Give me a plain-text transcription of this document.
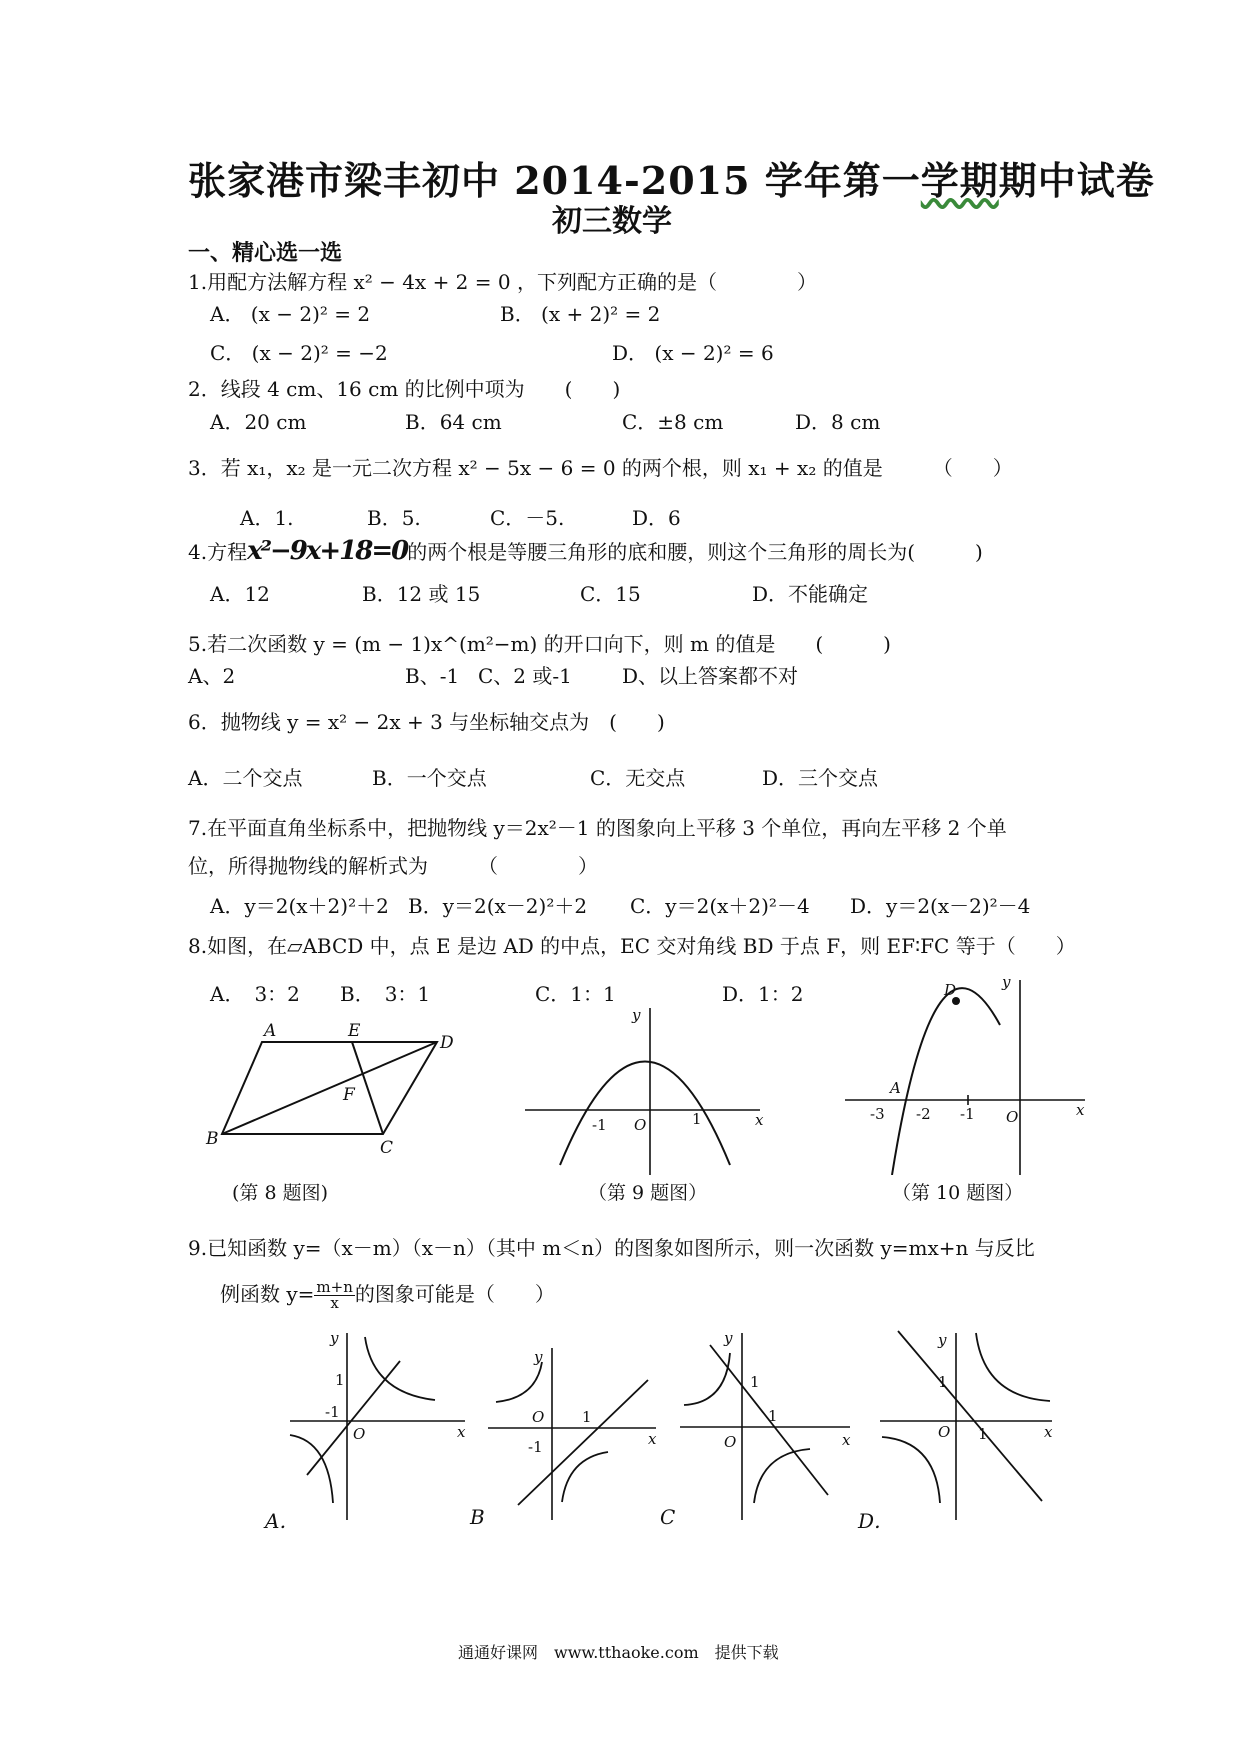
张家港市梁丰初中 2014-2015 学年第一学期期中试卷
初三数学
一、精心选一选
1.用配方法解方程 x² − 4x + 2 = 0 ，下列配方正确的是（　　　　）
A． (x − 2)² = 2	B． (x + 2)² = 2
C． (x − 2)² = −2	D． (x − 2)² = 6
2．线段 4 cm、16 cm 的比例中项为　　(　　)
A．20 cm	B．64 cm	C．±8 cm	D．8 cm
3．若 x₁，x₂ 是一元二次方程 x² − 5x − 6 = 0 的两个根，则 x₁ + x₂ 的值是　　　（　　）
A．1.	B．5.	C．－5.	D．6
4.方程x²−9x+18=0的两个根是等腰三角形的底和腰，则这个三角形的周长为(　　　)
A．12	B．12 或 15	C．15	D．不能确定
5.若二次函数 y = (m − 1)x^(m²−m) 的开口向下，则 m 的值是　　(　　　)
A、2	B、-1 C、2 或-1	D、以上答案都不对
6．抛物线 y = x² − 2x + 3 与坐标轴交点为　(　　)
A．二个交点	B．一个交点	C．无交点	D．三个交点
7.在平面直角坐标系中，把抛物线 y＝2x²－1 的图象向上平移 3 个单位，再向左平移 2 个单
位，所得抛物线的解析式为　　　（　　　　）
A．y＝2(x＋2)²＋2 B．y＝2(x－2)²＋2 C．y＝2(x＋2)²－4 D．y＝2(x－2)²－4
8.如图，在▱ABCD 中，点 E 是边 AD 的中点，EC 交对角线 BD 于点 F，则 EF∶FC 等于（　　）
A．　3：2 B．　3：1	C．1：1	D．1：2
A	E
D
F
B	C
(第 8 题图)
x
y
O
-1	1
（第 9 题图）
x
y
O
D
A
-3 -2 -1
（第 10 题图）
9.已知函数 y=（x－m）（x－n）（其中 m＜n）的图象如图所示，则一次函数 y=mx+n 与反比
例函数 $y= \frac{m+n}{x}$ 的图象可能是（　　）
x
y
O
1
-1
A．
x
y
O	1
-1
B
x
y
O
1
1
C
x
y
O
1
1
D．
通通好课网　www.tthaoke.com　提供下载
